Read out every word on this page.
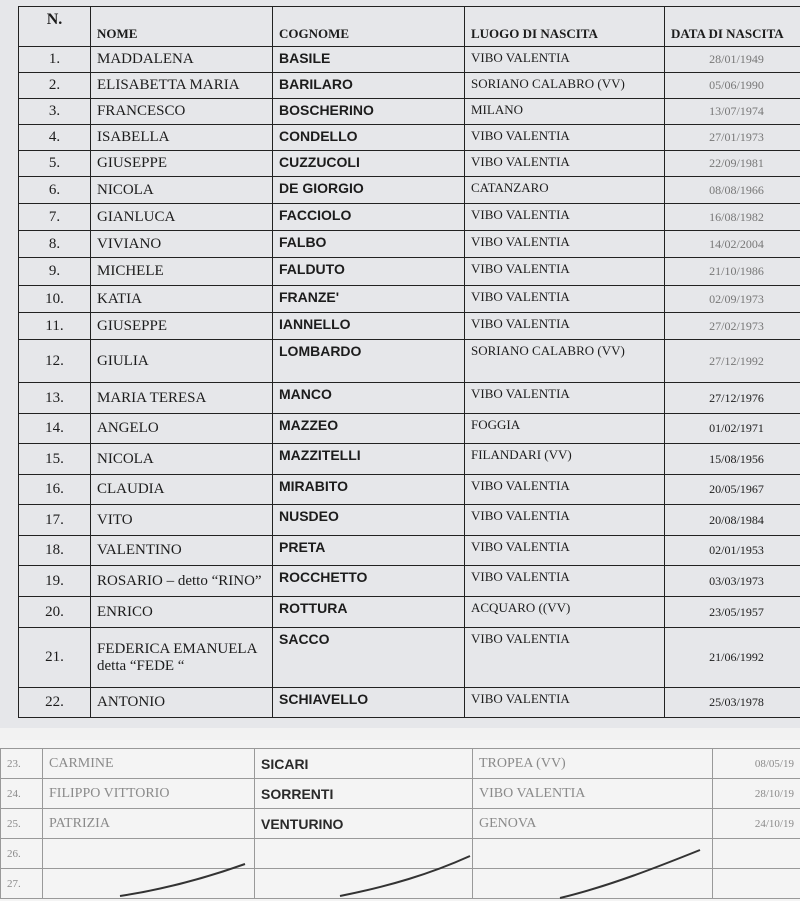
N.	NOME	COGNOME	LUOGO DI NASCITA	DATA DI NASCITA
1.	MADDALENA	BASILE	VIBO VALENTIA	28/01/1949
2.	ELISABETTA MARIA	BARILARO	SORIANO CALABRO (VV)	05/06/1990
3.	FRANCESCO	BOSCHERINO	MILANO	13/07/1974
4.	ISABELLA	CONDELLO	VIBO VALENTIA	27/01/1973
5.	GIUSEPPE	CUZZUCOLI	VIBO VALENTIA	22/09/1981
6.	NICOLA	DE GIORGIO	CATANZARO	08/08/1966
7.	GIANLUCA	FACCIOLO	VIBO VALENTIA	16/08/1982
8.	VIVIANO	FALBO	VIBO VALENTIA	14/02/2004
9.	MICHELE	FALDUTO	VIBO VALENTIA	21/10/1986
10.	KATIA	FRANZE'	VIBO VALENTIA	02/09/1973
11.	GIUSEPPE	IANNELLO	VIBO VALENTIA	27/02/1973
12.	GIULIA	LOMBARDO	SORIANO CALABRO (VV)	27/12/1992
13.	MARIA TERESA	MANCO	VIBO VALENTIA	27/12/1976
14.	ANGELO	MAZZEO	FOGGIA	01/02/1971
15.	NICOLA	MAZZITELLI	FILANDARI (VV)	15/08/1956
16.	CLAUDIA	MIRABITO	VIBO VALENTIA	20/05/1967
17.	VITO	NUSDEO	VIBO VALENTIA	20/08/1984
18.	VALENTINO	PRETA	VIBO VALENTIA	02/01/1953
19.	ROSARIO – detto “RINO”	ROCCHETTO	VIBO VALENTIA	03/03/1973
20.	ENRICO	ROTTURA	ACQUARO ((VV)	23/05/1957
21.	FEDERICA EMANUELA detta “FEDE “	SACCO	VIBO VALENTIA	21/06/1992
22.	ANTONIO	SCHIAVELLO	VIBO VALENTIA	25/03/1978
23.	CARMINE	SICARI	TROPEA (VV)	08/05/19
24.	FILIPPO VITTORIO	SORRENTI	VIBO VALENTIA	28/10/19
25.	PATRIZIA	VENTURINO	GENOVA	24/10/19
26.				
27.				
